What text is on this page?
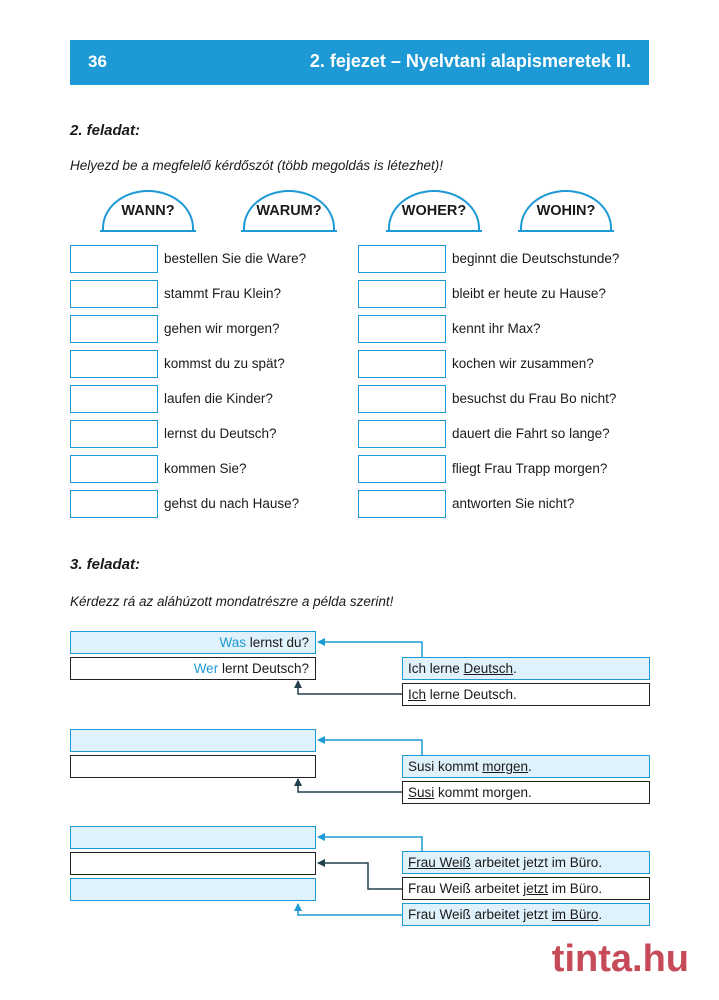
36	2. fejezet – Nyelvtani alapismeretek II.
2. feladat:
Helyezd be a megfelelő kérdőszót (több megoldás is létezhet)!
WANN?	WARUM?	WOHER?	WOHIN?
bestellen Sie die Ware?
stammt Frau Klein?
gehen wir morgen?
kommst du zu spät?
laufen die Kinder?
lernst du Deutsch?
kommen Sie?
gehst du nach Hause?
beginnt die Deutschstunde?
bleibt er heute zu Hause?
kennt ihr Max?
kochen wir zusammen?
besuchst du Frau Bo nicht?
dauert die Fahrt so lange?
fliegt Frau Trapp morgen?
antworten Sie nicht?
3. feladat:
Kérdezz rá az aláhúzott mondatrészre a példa szerint!
Was lernst du?
Wer lernt Deutsch?	Ich lerne Deutsch.
Ich lerne Deutsch.
Susi kommt morgen.
Susi kommt morgen.
Frau Weiß arbeitet jetzt im Büro.
Frau Weiß arbeitet jetzt im Büro.
Frau Weiß arbeitet jetzt im Büro.
tinta.hu
